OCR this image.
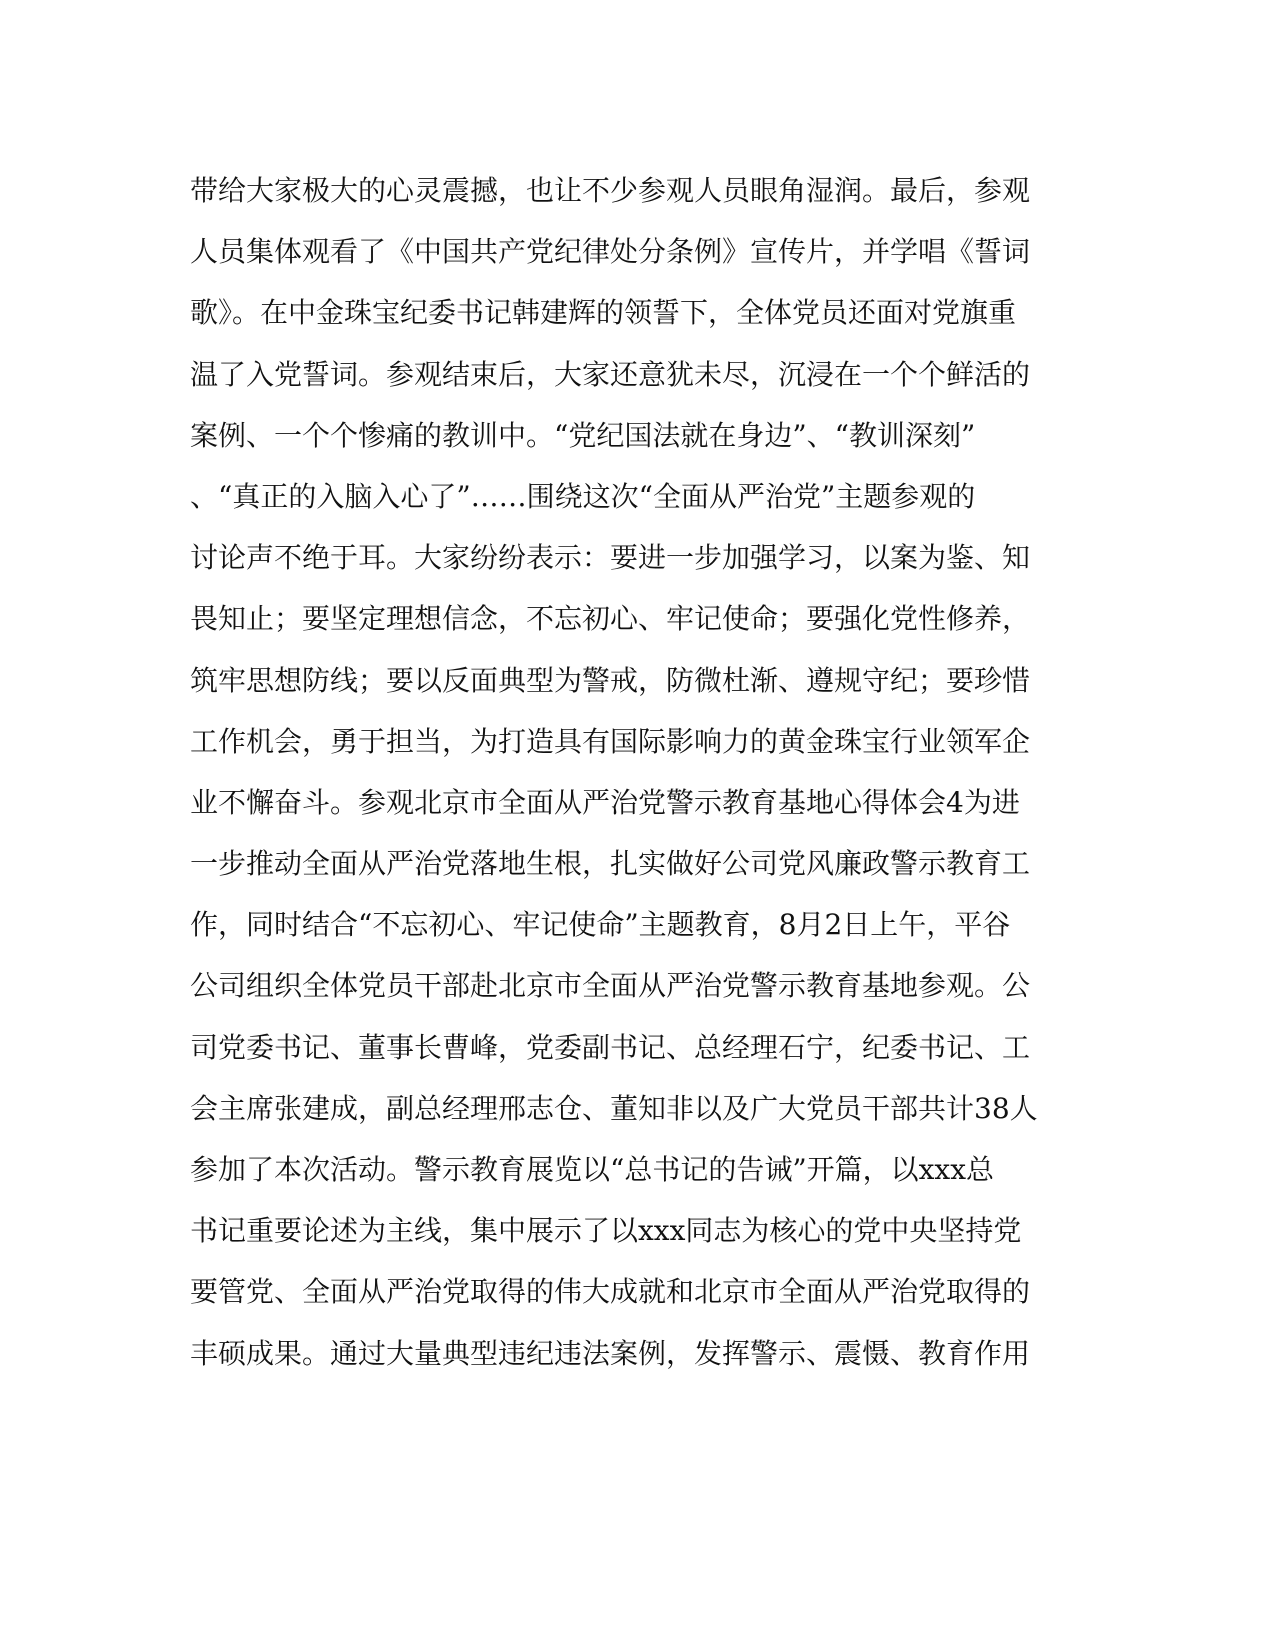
带给大家极大的心灵震撼，也让不少参观人员眼角湿润。最后，参观
人员集体观看了《中国共产党纪律处分条例》宣传片，并学唱《誓词
歌》。在中金珠宝纪委书记韩建辉的领誓下，全体党员还面对党旗重
温了入党誓词。参观结束后，大家还意犹未尽，沉浸在一个个鲜活的
案例、一个个惨痛的教训中。“党纪国法就在身边”、“教训深刻”
、“真正的入脑入心了”……围绕这次“全面从严治党”主题参观的
讨论声不绝于耳。大家纷纷表示：要进一步加强学习，以案为鉴、知
畏知止；要坚定理想信念，不忘初心、牢记使命；要强化党性修养，
筑牢思想防线；要以反面典型为警戒，防微杜渐、遵规守纪；要珍惜
工作机会，勇于担当，为打造具有国际影响力的黄金珠宝行业领军企
业不懈奋斗。参观北京市全面从严治党警示教育基地心得体会4为进
一步推动全面从严治党落地生根，扎实做好公司党风廉政警示教育工
作，同时结合“不忘初心、牢记使命”主题教育，8月2日上午，平谷
公司组织全体党员干部赴北京市全面从严治党警示教育基地参观。公
司党委书记、董事长曹峰，党委副书记、总经理石宁，纪委书记、工
会主席张建成，副总经理邢志仓、董知非以及广大党员干部共计38人
参加了本次活动。警示教育展览以“总书记的告诫”开篇，以xxx总
书记重要论述为主线，集中展示了以xxx同志为核心的党中央坚持党
要管党、全面从严治党取得的伟大成就和北京市全面从严治党取得的
丰硕成果。通过大量典型违纪违法案例，发挥警示、震慑、教育作用
